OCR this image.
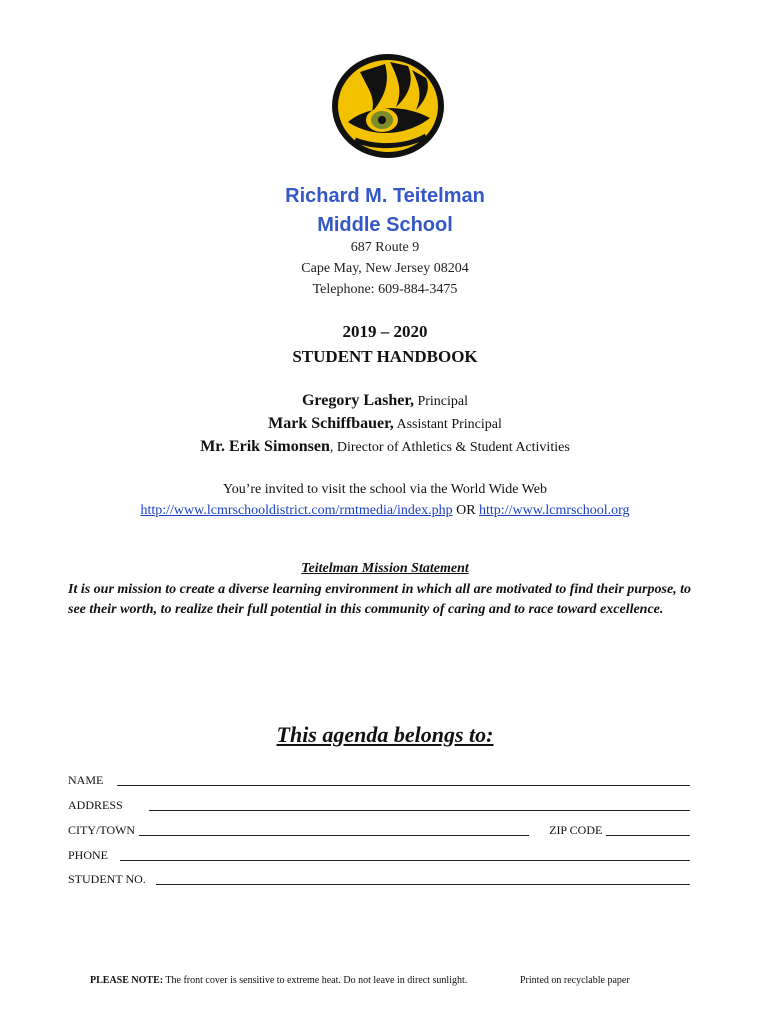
Richard M. Teitelman
Middle School
687 Route 9
Cape May, New Jersey 08204
Telephone: 609-884-3475
2019 – 2020
STUDENT HANDBOOK
Gregory Lasher, Principal
Mark Schiffbauer, Assistant Principal
Mr. Erik Simonsen, Director of Athletics & Student Activities
You’re invited to visit the school via the World Wide Web
http://www.lcmrschooldistrict.com/rmtmedia/index.php OR http://www.lcmrschool.org
Teitelman Mission Statement
It is our mission to create a diverse learning environment in which all are motivated to find their purpose, to see their worth, to realize their full potential in this community of caring and to race toward excellence.
This agenda belongs to:
NAME
ADDRESS
CITY/TOWN	ZIP CODE
PHONE
STUDENT NO.
PLEASE NOTE: The front cover is sensitive to extreme heat. Do not leave in direct sunlight.	Printed on recyclable paper
